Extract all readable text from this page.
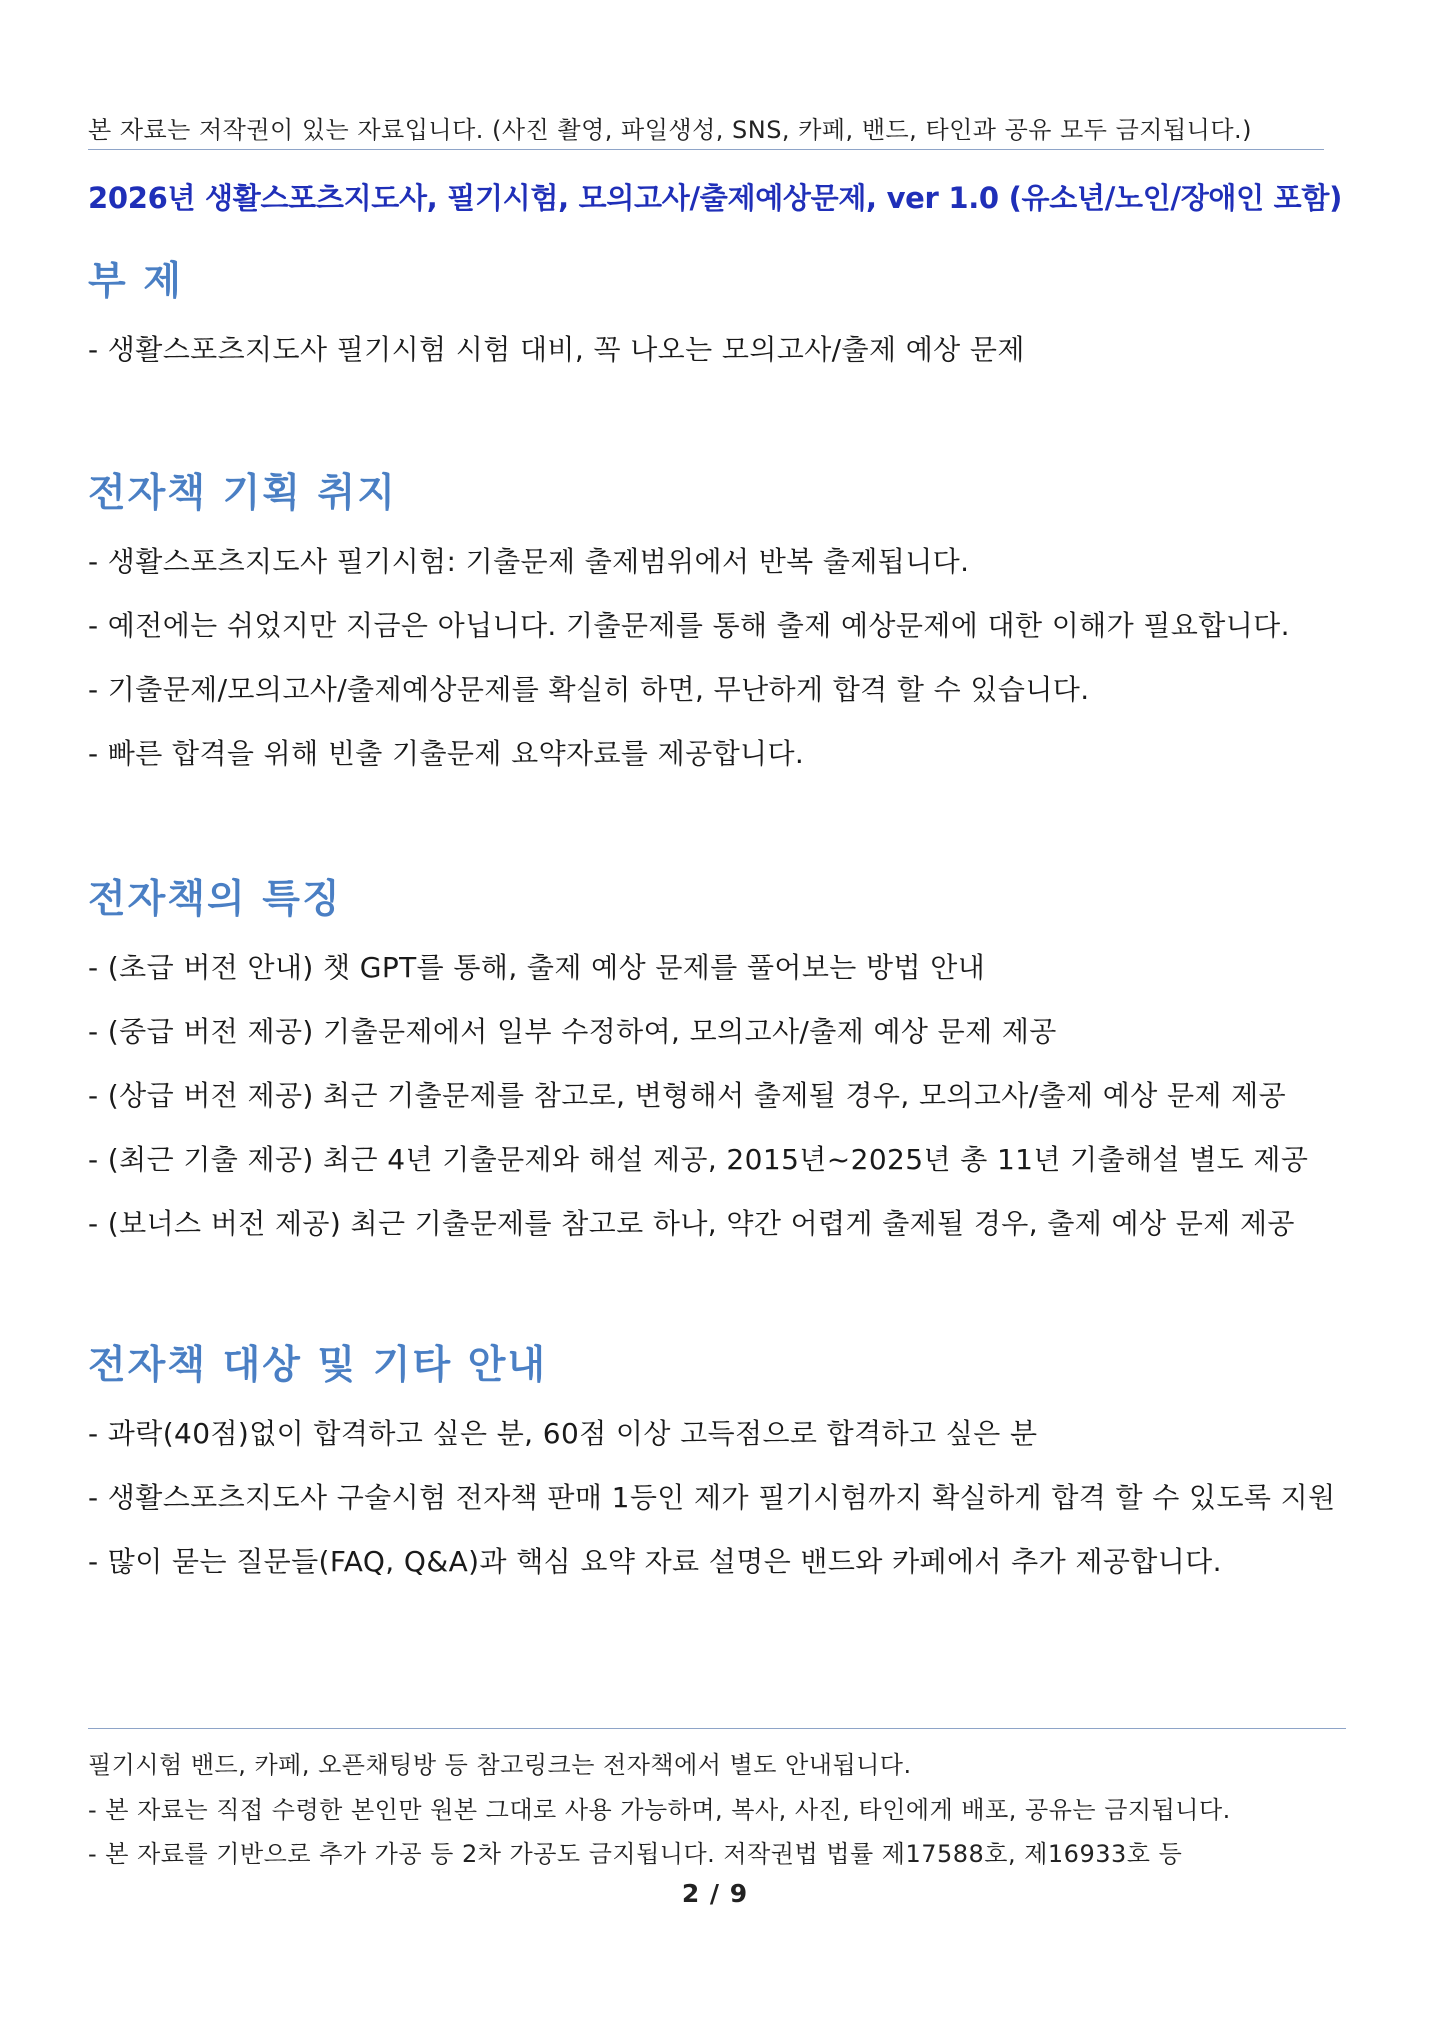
본 자료는 저작권이 있는 자료입니다. (사진 촬영, 파일생성, SNS, 카페, 밴드, 타인과 공유 모두 금지됩니다.)
2026년 생활스포츠지도사, 필기시험, 모의고사/출제예상문제, ver 1.0 (유소년/노인/장애인 포함)
부 제
- 생활스포츠지도사 필기시험 시험 대비, 꼭 나오는 모의고사/출제 예상 문제
전자책 기획 취지
- 생활스포츠지도사 필기시험: 기출문제 출제범위에서 반복 출제됩니다.
- 예전에는 쉬었지만 지금은 아닙니다. 기출문제를 통해 출제 예상문제에 대한 이해가 필요합니다.
- 기출문제/모의고사/출제예상문제를 확실히 하면, 무난하게 합격 할 수 있습니다.
- 빠른 합격을 위해 빈출 기출문제 요약자료를 제공합니다.
전자책의 특징
- (초급 버전 안내) 챗 GPT를 통해, 출제 예상 문제를 풀어보는 방법 안내
- (중급 버전 제공) 기출문제에서 일부 수정하여, 모의고사/출제 예상 문제 제공
- (상급 버전 제공) 최근 기출문제를 참고로, 변형해서 출제될 경우, 모의고사/출제 예상 문제 제공
- (최근 기출 제공) 최근 4년 기출문제와 해설 제공, 2015년~2025년 총 11년 기출해설 별도 제공
- (보너스 버전 제공) 최근 기출문제를 참고로 하나, 약간 어렵게 출제될 경우, 출제 예상 문제 제공
전자책 대상 및 기타 안내
- 과락(40점)없이 합격하고 싶은 분, 60점 이상 고득점으로 합격하고 싶은 분
- 생활스포츠지도사 구술시험 전자책 판매 1등인 제가 필기시험까지 확실하게 합격 할 수 있도록 지원
- 많이 묻는 질문들(FAQ, Q&A)과 핵심 요약 자료 설명은 밴드와 카페에서 추가 제공합니다.
필기시험 밴드, 카페, 오픈채팅방 등 참고링크는 전자책에서 별도 안내됩니다.
- 본 자료는 직접 수령한 본인만 원본 그대로 사용 가능하며, 복사, 사진, 타인에게 배포, 공유는 금지됩니다.
- 본 자료를 기반으로 추가 가공 등 2차 가공도 금지됩니다. 저작권법 법률 제17588호, 제16933호 등
2 / 9
